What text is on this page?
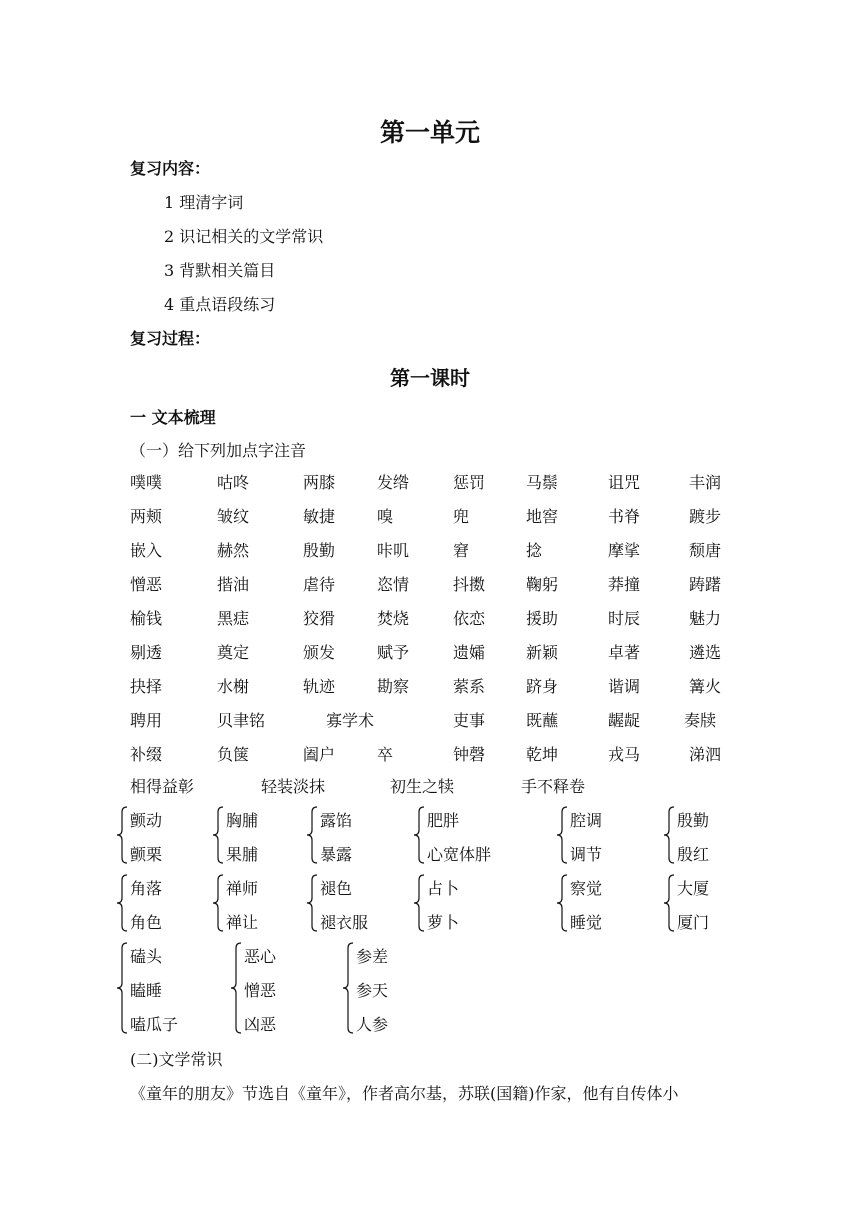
第一单元
复习内容：
1 理清字词
2 识记相关的文学常识
3 背默相关篇目
4 重点语段练习
复习过程：
第一课时
一 文本梳理
（一）给下列加点字注音
噗噗	咕咚	两膝	发绺	惩罚	马鬃	诅咒	丰润
两颊	皱纹	敏捷	嗅	兜	地窖	书脊	踱步
嵌入	赫然	殷勤	咔叽	窘	捻	摩挲	颓唐
憎恶	揩油	虐待	恣情	抖擞	鞠躬	莽撞	踌躇
榆钱	黑痣	狡猾	焚烧	依恋	援助	时辰	魅力
剔透	奠定	颁发	赋予	遗孀	新颖	卓著	遴选
抉择	水榭	轨迹	勘察	萦系	跻身	谐调	篝火
聘用	贝聿铭	寡学术	吏事	既蘸	龌龊	奏牍
补缀	负箧	阖户	卒	钟磬	乾坤	戎马	涕泗
相得益彰	轻装淡抹	初生之犊	手不释卷
颤动
颤栗
胸脯
果脯
露馅
暴露
肥胖
心宽体胖
腔调
调节
殷勤
殷红
角落
角色
禅师
禅让
褪色
褪衣服
占卜
萝卜
察觉
睡觉
大厦
厦门
磕头
瞌睡
嗑瓜子
恶心
憎恶
凶恶
参差
参天
人参
(二)文学常识
《童年的朋友》节选自《童年》，作者高尔基，苏联(国籍)作家，他有自传体小
